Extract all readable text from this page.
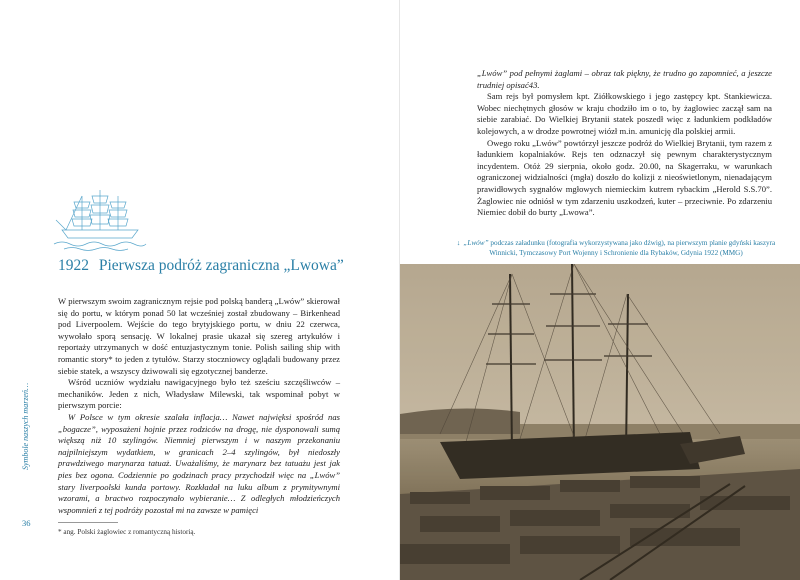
1922 Pierwsza podróż zagraniczna „Lwowa”

W pierwszym swoim zagranicznym rejsie pod polską banderą „Lwów” skierował się do portu, w którym ponad 50 lat wcześniej został zbudowany – Birkenhead pod Liverpoolem. Wejście do tego brytyjskiego portu, w dniu 22 czerwca, wywołało sporą sensację. W lokalnej prasie ukazał się szereg artykułów i reportaży utrzymanych w dość entuzjastycznym tonie. Polish sailing ship with romantic story* to jeden z tytułów. Starzy stoczniowcy oglądali budowany przez siebie statek, a wszyscy dziwowali się egzotycznej banderze.

Wśród uczniów wydziału nawigacyjnego było też sześciu szczęśliwców – mechaników. Jeden z nich, Władysław Milewski, tak wspominał pobyt w pierwszym porcie:

W Polsce w tym okresie szalała inflacja… Nawet najwięksi spośród nas „bogacze”, wyposażeni hojnie przez rodziców na drogę, nie dysponowali sumą większą niż 10 szylingów. Niemniej pierwszym i w naszym przekonaniu najpilniejszym wydatkiem, w granicach 2–4 szylingów, był niedoszły prawdziwego marynarza tatuaż. Uważaliśmy, że marynarz bez tatuażu jest jak pies bez ogona. Codziennie po godzinach pracy przychodził więc na „Lwów” stary liverpoolski kunda portowy. Rozkładał na luku album z prymitywnymi wzorami, a bractwo rozpoczynało wybieranie… Z odległych młodzieńczych wspomnień z tej podróży pozostał mi na zawsze w pamięci

* ang. Polski żaglowiec z romantyczną historią.
Symbole naszych marzeń…
36

„Lwów” pod pełnymi żaglami – obraz tak piękny, że trudno go zapomnieć, a jeszcze trudniej opisać43.

Sam rejs był pomysłem kpt. Ziółkowskiego i jego zastępcy kpt. Stankiewicza. Wobec niechętnych głosów w kraju chodziło im o to, by żaglowiec zaczął sam na siebie zarabiać. Do Wielkiej Brytanii statek poszedł więc z ładunkiem podkładów kolejowych, a w drodze powrotnej wiózł m.in. amunicję dla polskiej armii.

Owego roku „Lwów” powtórzył jeszcze podróż do Wielkiej Brytanii, tym razem z ładunkiem kopalniaków. Rejs ten odznaczył się pewnym charakterystycznym incydentem. Otóż 29 sierpnia, około godz. 20.00, na Skagerraku, w warunkach ograniczonej widzialności (mgła) doszło do kolizji z nieoświetlonym, nienadającym prawidłowych sygnałów mgłowych niemieckim kutrem rybackim „Herold S.S.70”. Żaglowiec nie odniósł w tym zdarzeniu uszkodzeń, kuter – przeciwnie. Po zdarzeniu Niemiec dobił do burty „Lwowa”.

↓ „Lwów” podczas załadunku (fotografia wykorzystywana jako dźwig), na pierwszym planie gdyński kaszyra Winnicki, Tymczasowy Port Wojenny i Schronienie dla Rybaków, Gdynia 1922 (MMG)
